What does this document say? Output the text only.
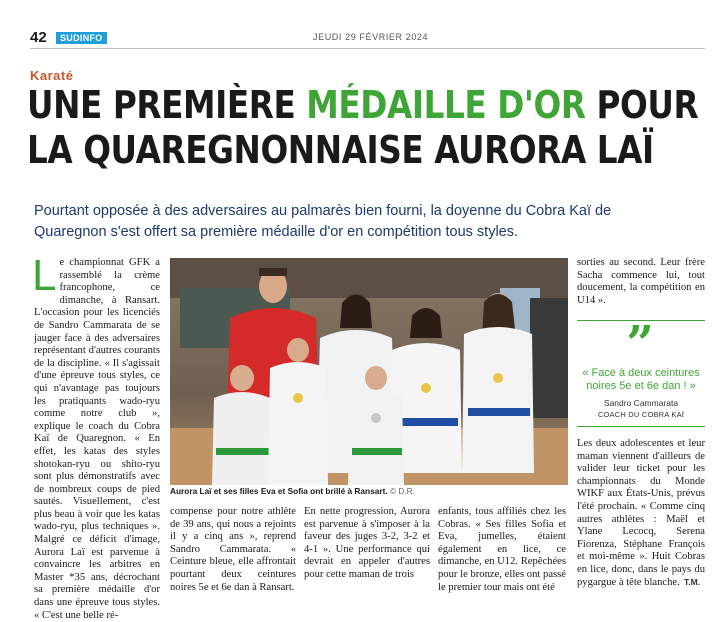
42	SUDINFO	JEUDI 29 FÉVRIER 2024
Karaté
UNE PREMIÈRE MÉDAILLE D'OR POUR
LA QUAREGNONNAISE AURORA LAÏ
Pourtant opposée à des adversaires au palmarès bien fourni, la doyenne du Cobra Kaï de Quaregnon s'est offert sa première médaille d'or en compétition tous styles.
Le championnat GFK a rassemblé la crème francophone, ce dimanche, à Ransart. L'occasion pour les licenciés de Sandro Cammarata de se jauger face à des adversaires représentant d'autres courants de la discipline. « Il s'agissait d'une épreuve tous styles, ce qui n'avantage pas toujours les pratiquants wado-ryu comme notre club », explique le coach du Cobra Kaï de Quaregnon. « En effet, les katas des styles shotokan-ryu ou shito-ryu sont plus démonstratifs avec de nombreux coups de pied sautés. Visuellement, c'est plus beau à voir que les katas wado-ryu, plus techniques ». Malgré ce déficit d'image, Aurora Laï est parvenue à convaincre les arbitres en Master *35 ans, décrochant sa première médaille d'or dans une épreuve tous styles. « C'est une belle ré-
Aurora Laï et ses filles Eva et Sofia ont brillé à Ransart. © D.R.
compense pour notre athlète de 39 ans, qui nous a rejoints il y a cinq ans », reprend Sandro Cammarata. « Ceinture bleue, elle affrontait pourtant deux ceintures noires 5e et 6e dan à Ransart.
En nette progression, Aurora est parvenue à s'imposer à la faveur des juges 3-2, 3-2 et 4-1 ». Une performance qui devrait en appeler d'autres pour cette maman de trois
enfants, tous affiliés chez les Cobras. « Ses filles Sofia et Eva, jumelles, étaient également en lice, ce dimanche, en U12. Repêchées pour le bronze, elles ont passé le premier tour mais ont été
sorties au second. Leur frère Sacha commence lui, tout doucement, la compétition en U14 ».
”
« Face à deux ceintures noires 5e et 6e dan ! »
Sandro Cammarata
COACH DU COBRA KAÏ
Les deux adolescentes et leur maman viennent d'ailleurs de valider leur ticket pour les championnats du Monde WIKF aux États-Unis, prévus l'été prochain. « Comme cinq autres athlètes : Maël et Ylane Lecocq, Serena Fiorenza, Stéphane François et moi-même ». Huit Cobras en lice, donc, dans le pays du pygargue à tête blanche. T.M.
